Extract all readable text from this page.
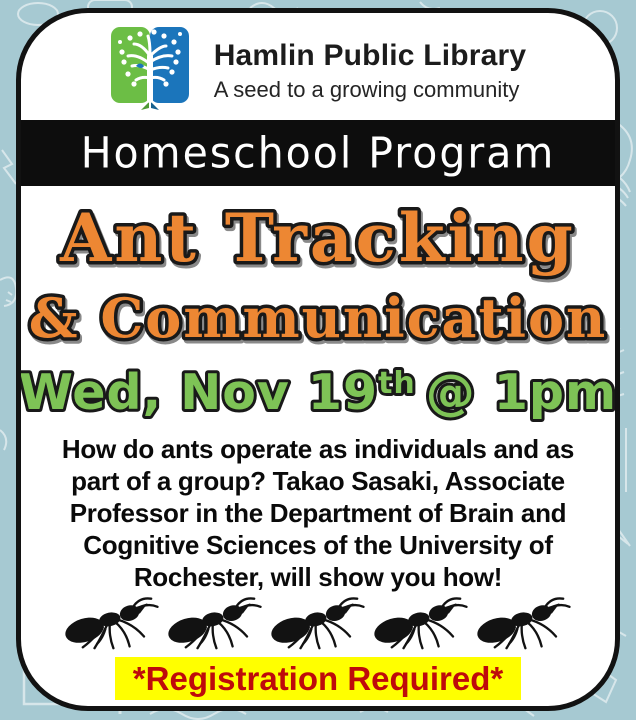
Hamlin Public Library
A seed to a growing community
Homeschool Program
Ant Tracking
& Communication
Wed, Nov 19th @ 1pm
How do ants operate as individuals and as
part of a group? Takao Sasaki, Associate
Professor in the Department of Brain and
Cognitive Sciences of the University of
Rochester, will show you how!
*Registration Required*
